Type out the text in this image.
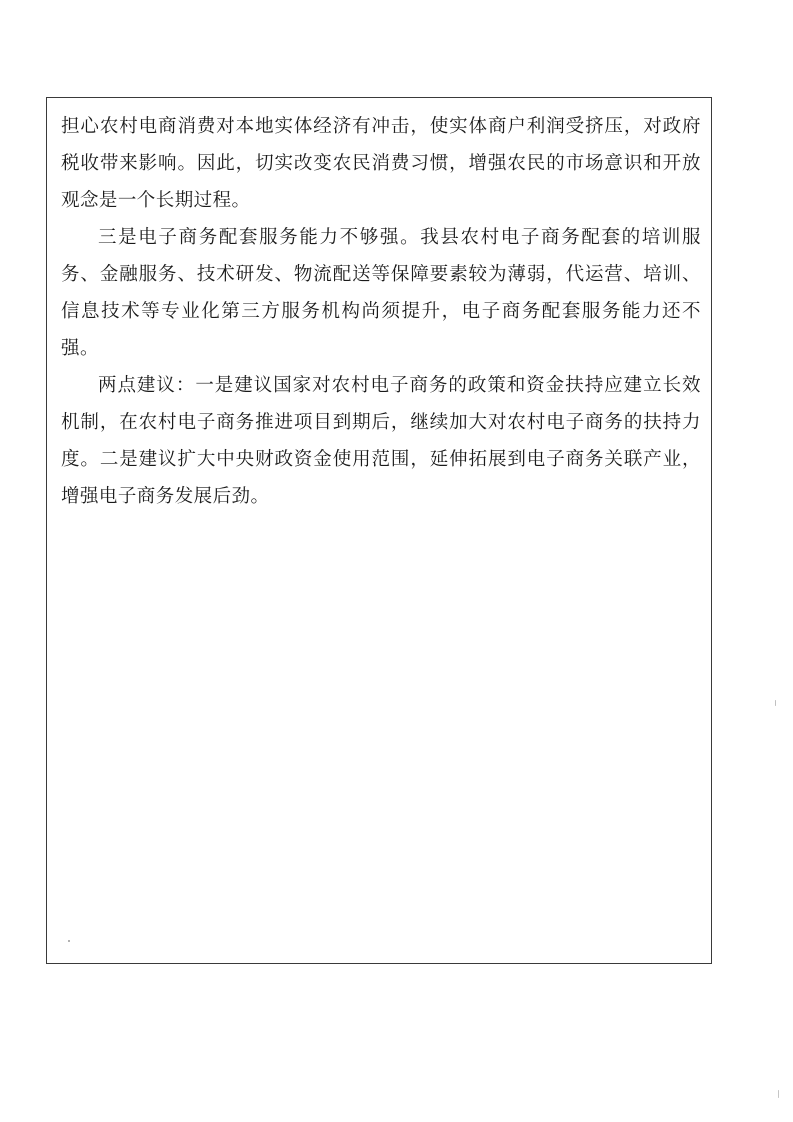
担心农村电商消费对本地实体经济有冲击，使实体商户利润受挤压，对政府税收带来影响。因此，切实改变农民消费习惯，增强农民的市场意识和开放观念是一个长期过程。

三是电子商务配套服务能力不够强。我县农村电子商务配套的培训服务、金融服务、技术研发、物流配送等保障要素较为薄弱，代运营、培训、信息技术等专业化第三方服务机构尚须提升，电子商务配套服务能力还不强。

两点建议：一是建议国家对农村电子商务的政策和资金扶持应建立长效机制，在农村电子商务推进项目到期后，继续加大对农村电子商务的扶持力度。二是建议扩大中央财政资金使用范围，延伸拓展到电子商务关联产业，增强电子商务发展后劲。
